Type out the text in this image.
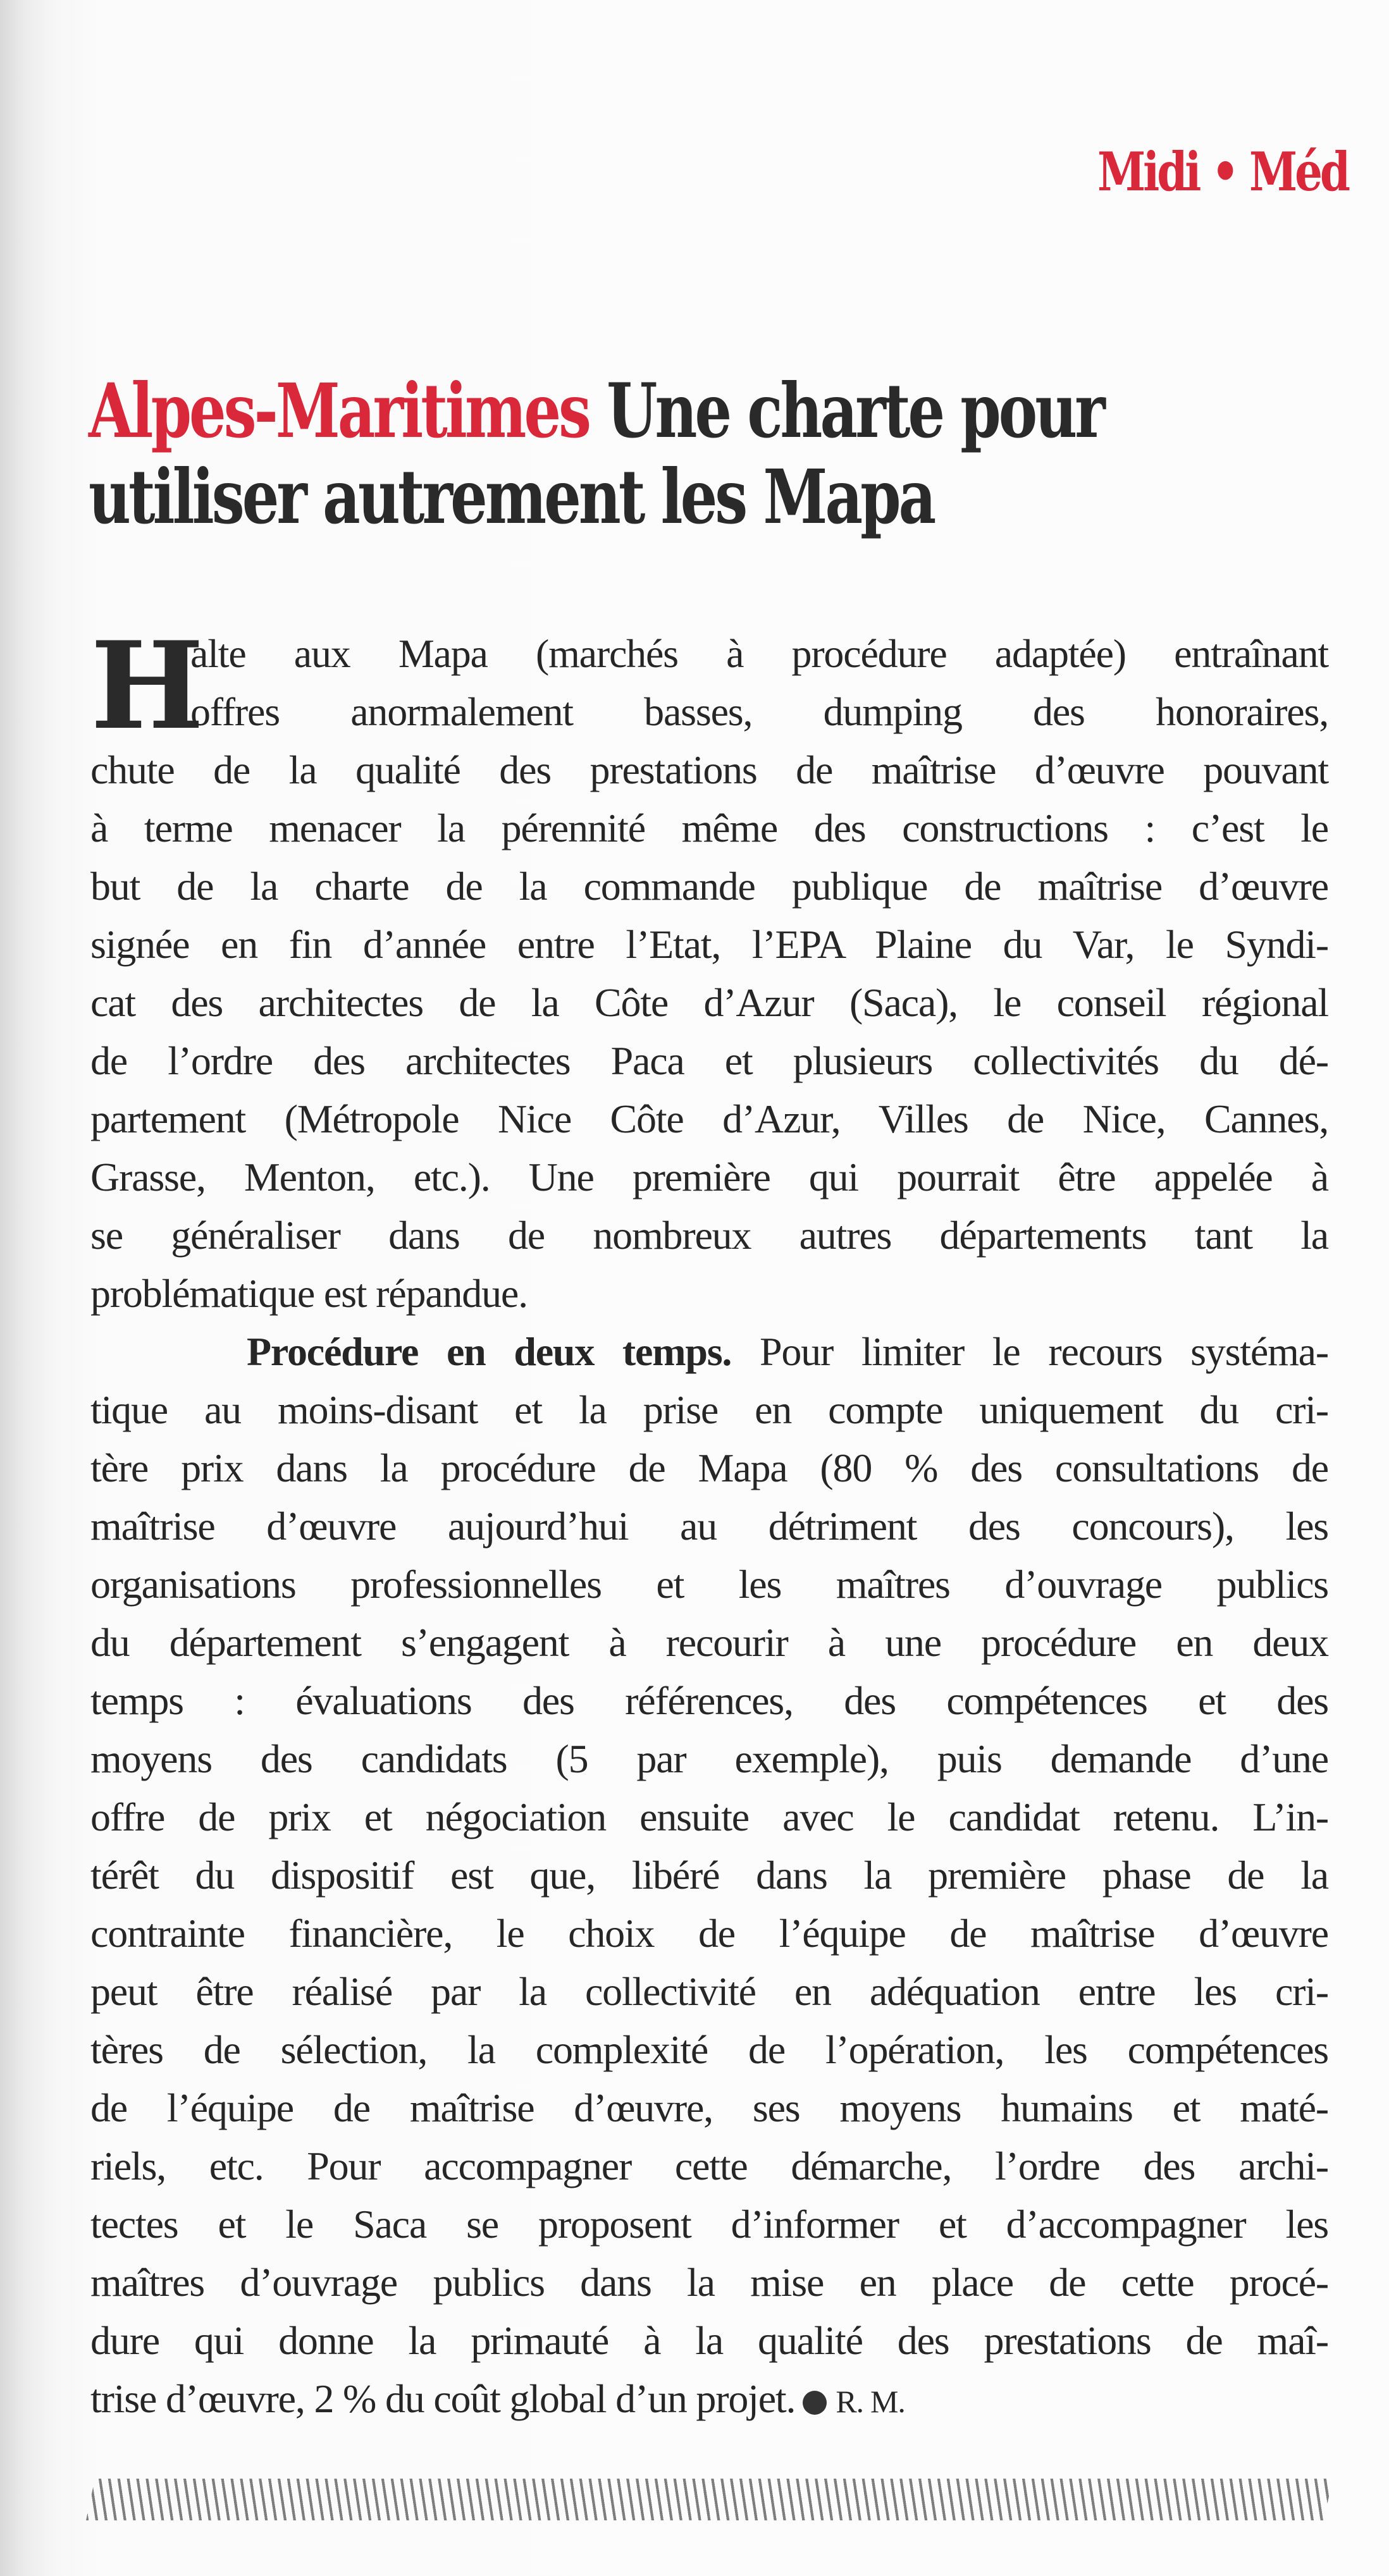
Midi • Méd
Alpes-Maritimes Une charte pour
utiliser autrement les Mapa
H
alte aux Mapa (marchés à procédure adaptée) entraînant
offres anormalement basses, dumping des honoraires,
chute de la qualité des prestations de maîtrise d’œuvre pouvant
à terme menacer la pérennité même des constructions : c’est le
but de la charte de la commande publique de maîtrise d’œuvre
signée en fin d’année entre l’Etat, l’EPA Plaine du Var, le Syndi-
cat des architectes de la Côte d’Azur (Saca), le conseil régional
de l’ordre des architectes Paca et plusieurs collectivités du dé-
partement (Métropole Nice Côte d’Azur, Villes de Nice, Cannes,
Grasse, Menton, etc.). Une première qui pourrait être appelée à
se généraliser dans de nombreux autres départements tant la
problématique est répandue.
Procédure en deux temps. Pour limiter le recours systéma-
tique au moins-disant et la prise en compte uniquement du cri-
tère prix dans la procédure de Mapa (80 % des consultations de
maîtrise d’œuvre aujourd’hui au détriment des concours), les
organisations professionnelles et les maîtres d’ouvrage publics
du département s’engagent à recourir à une procédure en deux
temps : évaluations des références, des compétences et des
moyens des candidats (5 par exemple), puis demande d’une
offre de prix et négociation ensuite avec le candidat retenu. L’in-
térêt du dispositif est que, libéré dans la première phase de la
contrainte financière, le choix de l’équipe de maîtrise d’œuvre
peut être réalisé par la collectivité en adéquation entre les cri-
tères de sélection, la complexité de l’opération, les compétences
de l’équipe de maîtrise d’œuvre, ses moyens humains et maté-
riels, etc. Pour accompagner cette démarche, l’ordre des archi-
tectes et le Saca se proposent d’informer et d’accompagner les
maîtres d’ouvrage publics dans la mise en place de cette procé-
dure qui donne la primauté à la qualité des prestations de maî-
trise d’œuvre, 2 % du coût global d’un projet. R. M.
